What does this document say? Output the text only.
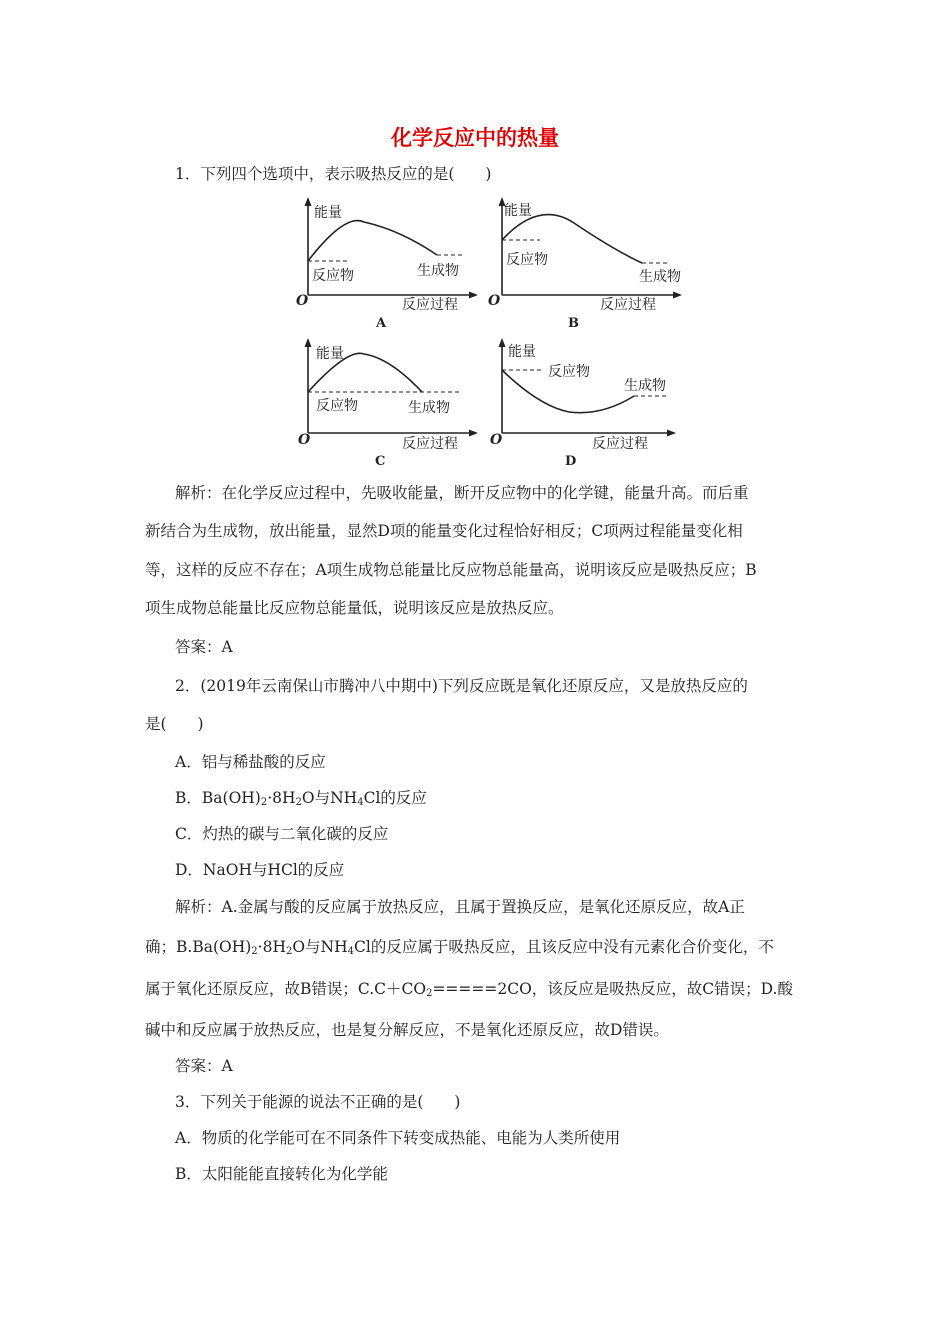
化学反应中的热量
1．下列四个选项中，表示吸热反应的是(　　)
能量
反应物	生成物
O	反应过程
A
能量
反应物
生成物
O	反应过程
B
能量
反应物	生成物
O	反应过程
C
能量
反应物
生成物
O	反应过程
D
解析：在化学反应过程中，先吸收能量，断开反应物中的化学键，能量升高。而后重
新结合为生成物，放出能量，显然D项的能量变化过程恰好相反；C项两过程能量变化相
等，这样的反应不存在；A项生成物总能量比反应物总能量高，说明该反应是吸热反应；B
项生成物总能量比反应物总能量低，说明该反应是放热反应。
答案：A
2．(2019年云南保山市腾冲八中期中)下列反应既是氧化还原反应，又是放热反应的
是(　　)
A．铝与稀盐酸的反应
B．$Ba(OH)_2\cdot 8H_2O$与$NH_4Cl$的反应
C．灼热的碳与二氧化碳的反应
D．NaOH与HCl的反应
解析：A.金属与酸的反应属于放热反应，且属于置换反应，是氧化还原反应，故A正
确；$B.Ba(OH)_2\cdot 8H_2O$与$NH_4Cl$的反应属于吸热反应，且该反应中没有元素化合价变化，不
属于氧化还原反应，故B错误；$C.C+CO_2=====2CO$，该反应是吸热反应，故C错误；D.酸
碱中和反应属于放热反应，也是复分解反应，不是氧化还原反应，故D错误。
答案：A
3．下列关于能源的说法不正确的是(　　)
A．物质的化学能可在不同条件下转变成热能、电能为人类所使用
B．太阳能能直接转化为化学能
